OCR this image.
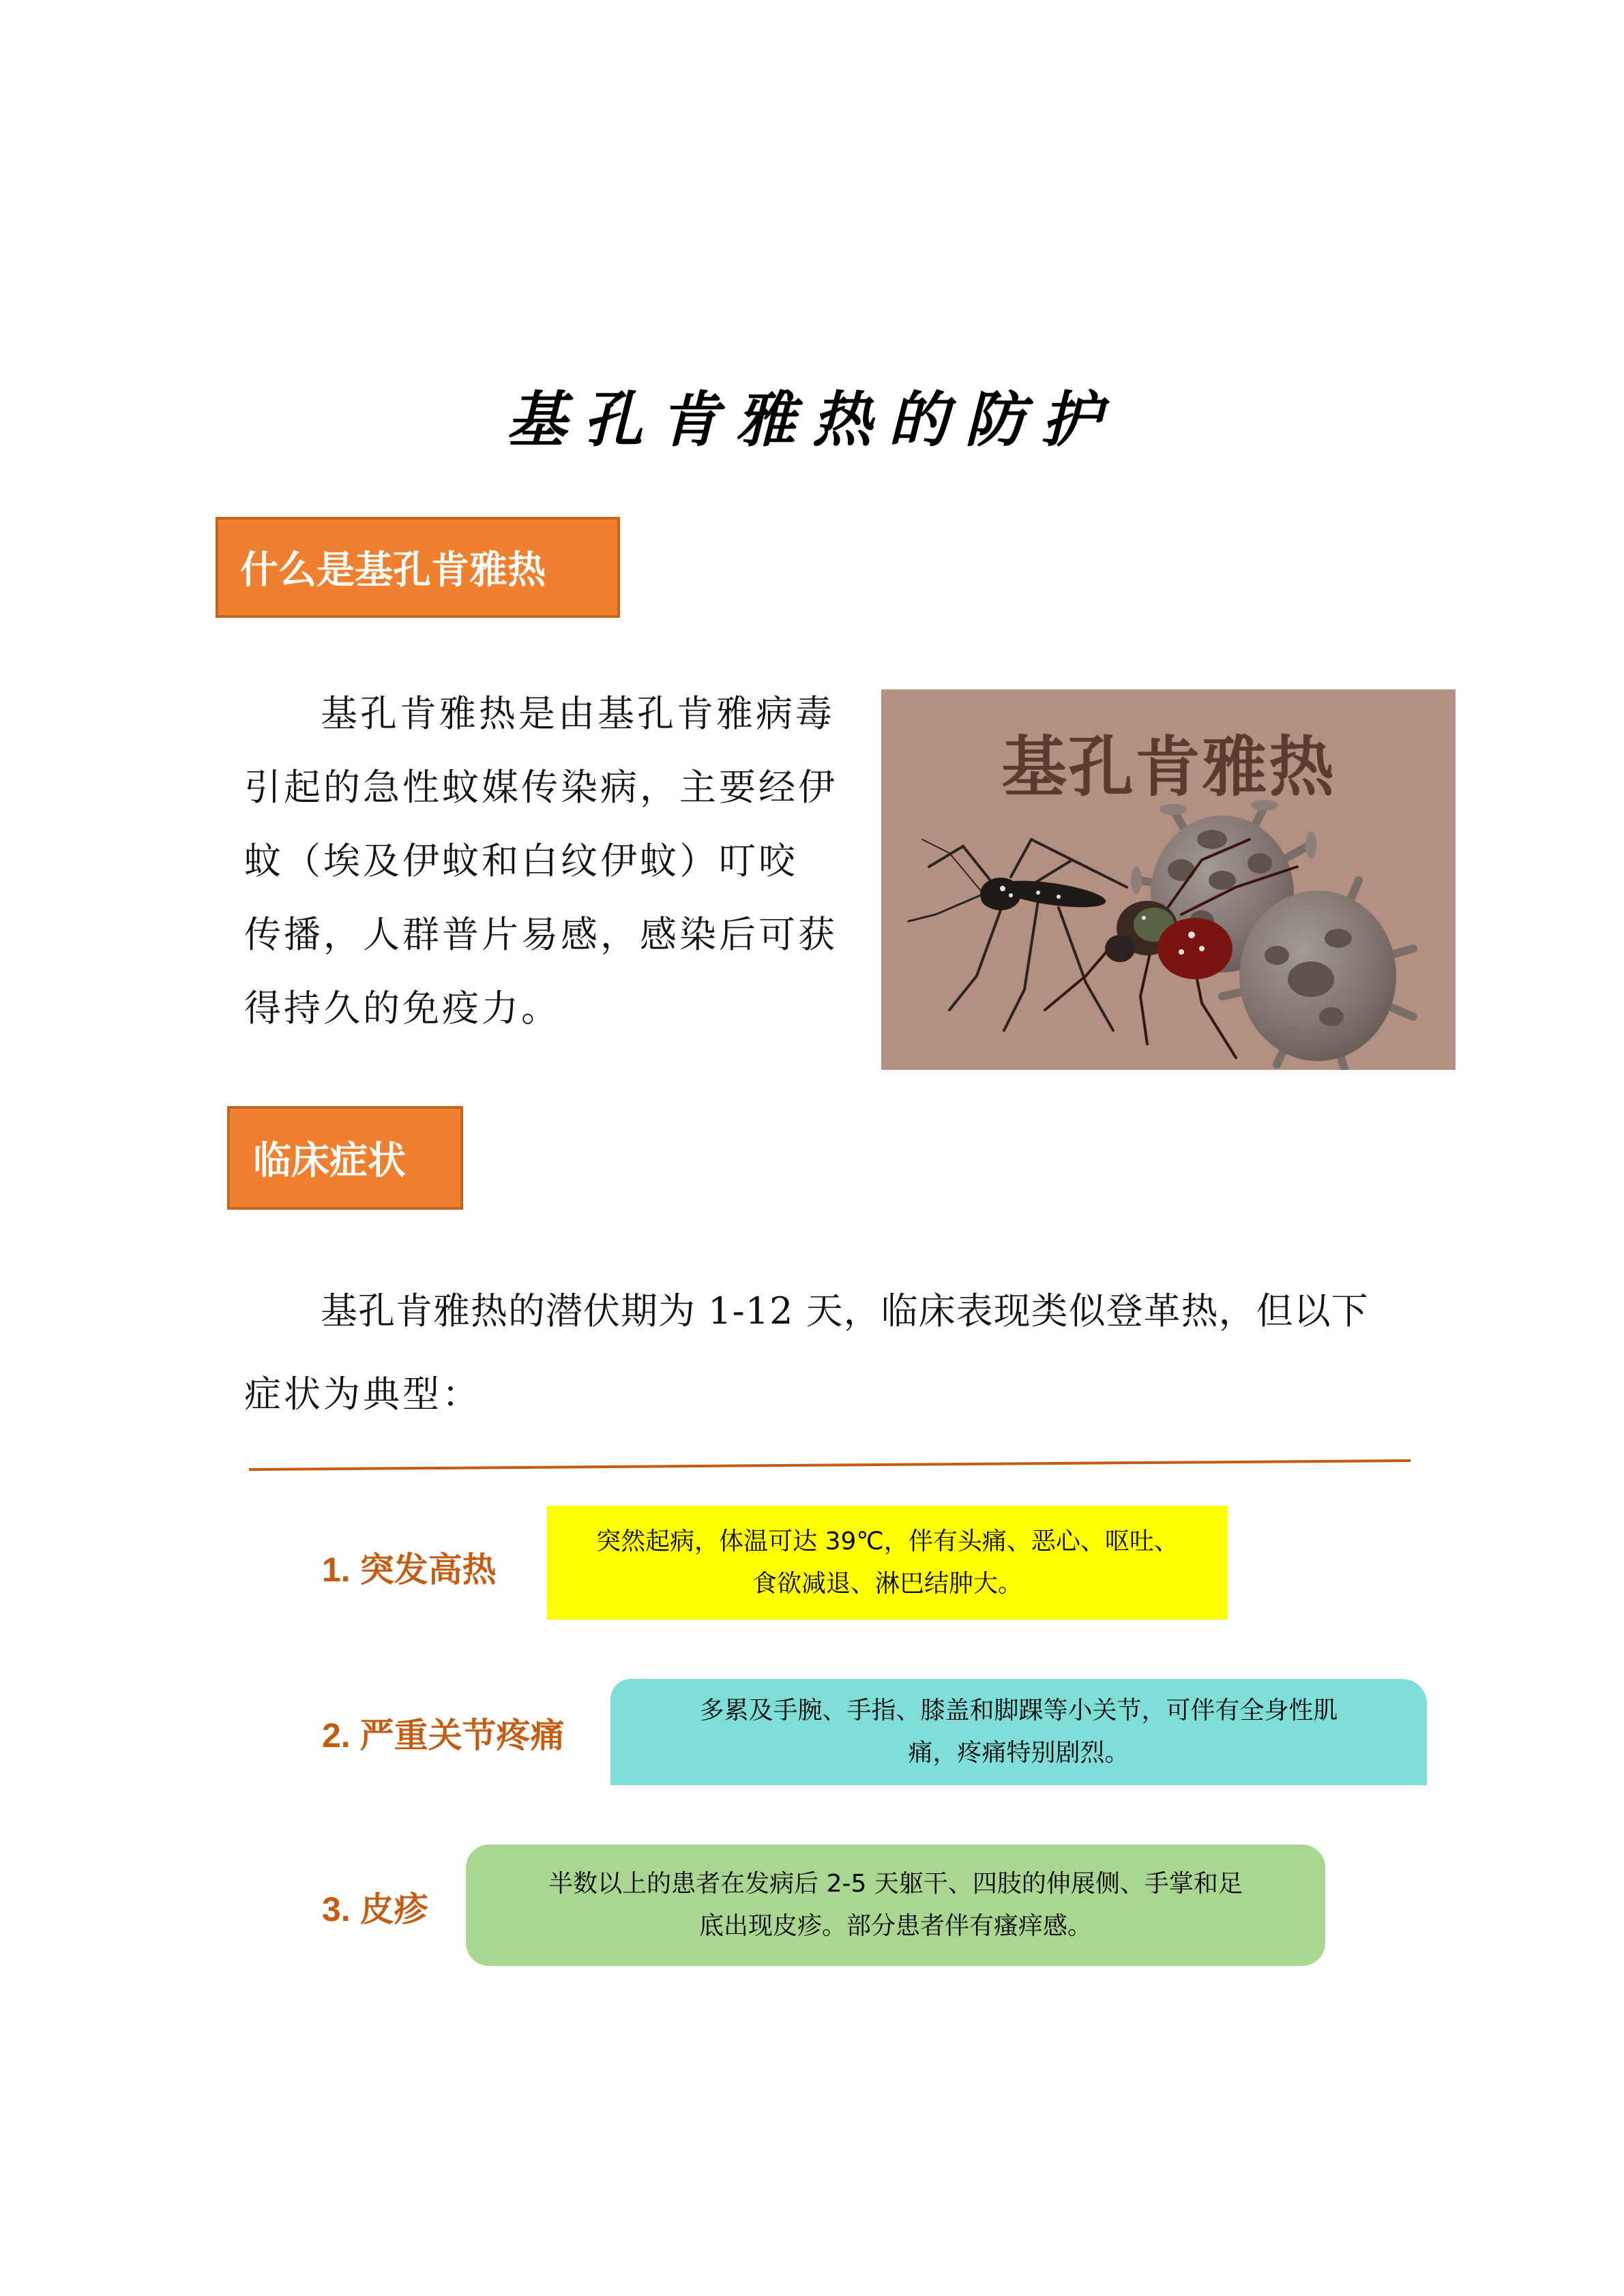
基孔肯雅热的防护
什么是基孔肯雅热
基孔肯雅热是由基孔肯雅病毒
引起的急性蚊媒传染病，主要经伊
蚊（埃及伊蚊和白纹伊蚊）叮咬
传播，人群普片易感，感染后可获
得持久的免疫力。
基孔肯雅热
临床症状
基孔肯雅热的潜伏期为 1-12 天，临床表现类似登革热，但以下
症状为典型：
1. 突发高热
突然起病，体温可达 39℃，伴有头痛、恶心、呕吐、
食欲减退、淋巴结肿大。
2. 严重关节疼痛
多累及手腕、手指、膝盖和脚踝等小关节，可伴有全身性肌
痛，疼痛特别剧烈。
3. 皮疹
半数以上的患者在发病后 2-5 天躯干、四肢的伸展侧、手掌和足
底出现皮疹。部分患者伴有瘙痒感。
